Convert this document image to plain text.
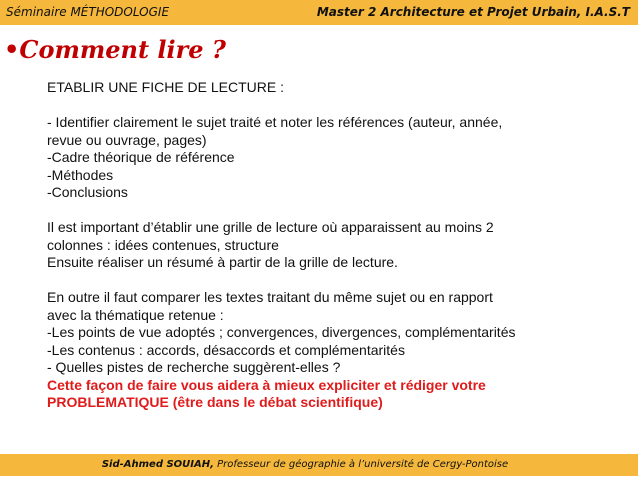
Séminaire MÉTHODOLOGIE	Master 2 Architecture et Projet Urbain, I.A.S.T
•Comment lire ?

ETABLIR UNE FICHE DE LECTURE :

- Identifier clairement le sujet traité et noter les références (auteur, année,

revue ou ouvrage, pages)

-Cadre théorique de référence

-Méthodes

-Conclusions

Il est important d’établir une grille de lecture où apparaissent au moins 2

colonnes : idées contenues, structure

Ensuite réaliser un résumé à partir de la grille de lecture.

En outre il faut comparer les textes traitant du même sujet ou en rapport

avec la thématique retenue :

-Les points de vue adoptés ; convergences, divergences, complémentarités

-Les contenus : accords, désaccords et complémentarités

- Quelles pistes de recherche suggèrent-elles ?

Cette façon de faire vous aidera à mieux expliciter et rédiger votre

PROBLEMATIQUE (être dans le débat scientifique)

Sid-Ahmed SOUIAH, Professeur de géographie à l’université de Cergy-Pontoise
